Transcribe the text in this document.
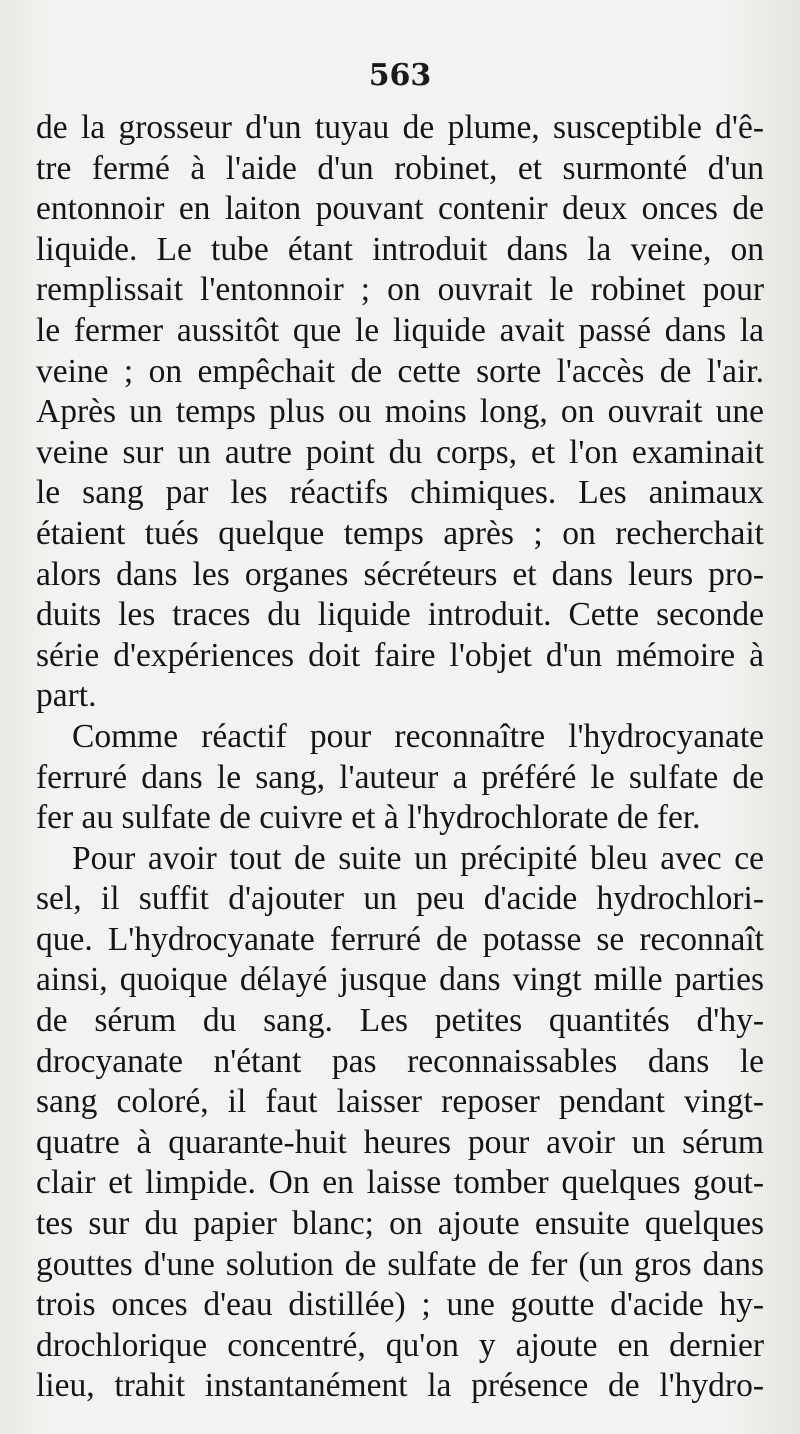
563
de la grosseur d'un tuyau de plume, susceptible d'ê-
tre fermé à l'aide d'un robinet, et surmonté d'un
entonnoir en laiton pouvant contenir deux onces de
liquide. Le tube étant introduit dans la veine, on
remplissait l'entonnoir ; on ouvrait le robinet pour
le fermer aussitôt que le liquide avait passé dans la
veine ; on empêchait de cette sorte l'accès de l'air.
Après un temps plus ou moins long, on ouvrait une
veine sur un autre point du corps, et l'on examinait
le sang par les réactifs chimiques. Les animaux
étaient tués quelque temps après ; on recherchait
alors dans les organes sécréteurs et dans leurs pro-
duits les traces du liquide introduit. Cette seconde
série d'expériences doit faire l'objet d'un mémoire à
part.
Comme réactif pour reconnaître l'hydrocyanate
ferruré dans le sang, l'auteur a préféré le sulfate de
fer au sulfate de cuivre et à l'hydrochlorate de fer.
Pour avoir tout de suite un précipité bleu avec ce
sel, il suffit d'ajouter un peu d'acide hydrochlori-
que. L'hydrocyanate ferruré de potasse se reconnaît
ainsi, quoique délayé jusque dans vingt mille parties
de sérum du sang. Les petites quantités d'hy-
drocyanate n'étant pas reconnaissables dans le
sang coloré, il faut laisser reposer pendant vingt-
quatre à quarante-huit heures pour avoir un sérum
clair et limpide. On en laisse tomber quelques gout-
tes sur du papier blanc; on ajoute ensuite quelques
gouttes d'une solution de sulfate de fer (un gros dans
trois onces d'eau distillée) ; une goutte d'acide hy-
drochlorique concentré, qu'on y ajoute en dernier
lieu, trahit instantanément la présence de l'hydro-
